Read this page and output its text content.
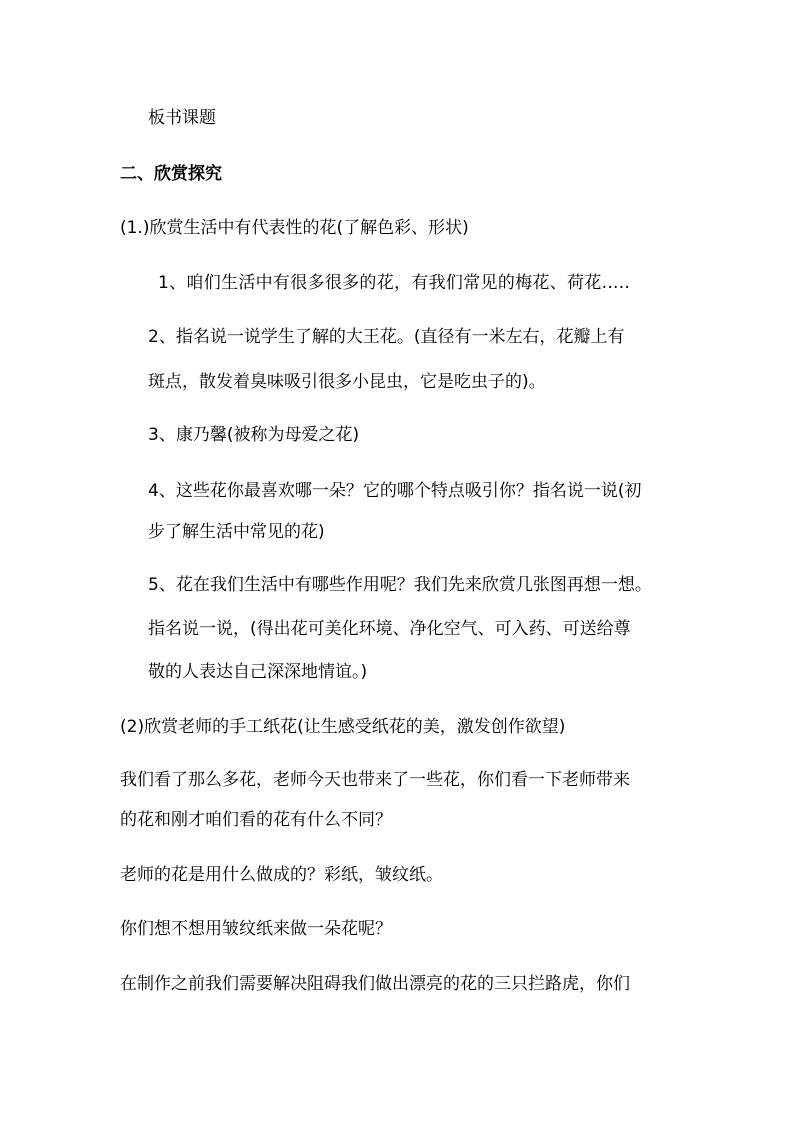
板书课题
二、欣赏探究
(1.)欣赏生活中有代表性的花(了解色彩、形状)
1、咱们生活中有很多很多的花，有我们常见的梅花、荷花.....
2、指名说一说学生了解的大王花。(直径有一米左右，花瓣上有
斑点，散发着臭味吸引很多小昆虫，它是吃虫子的)。
3、康乃馨(被称为母爱之花)
4、这些花你最喜欢哪一朵？它的哪个特点吸引你？指名说一说(初
步了解生活中常见的花)
5、花在我们生活中有哪些作用呢？我们先来欣赏几张图再想一想。
指名说一说，(得出花可美化环境、净化空气、可入药、可送给尊
敬的人表达自己深深地情谊。)
(2)欣赏老师的手工纸花(让生感受纸花的美，激发创作欲望)
我们看了那么多花，老师今天也带来了一些花，你们看一下老师带来
的花和刚才咱们看的花有什么不同？
老师的花是用什么做成的？彩纸，皱纹纸。
你们想不想用皱纹纸来做一朵花呢？
在制作之前我们需要解决阻碍我们做出漂亮的花的三只拦路虎，你们
